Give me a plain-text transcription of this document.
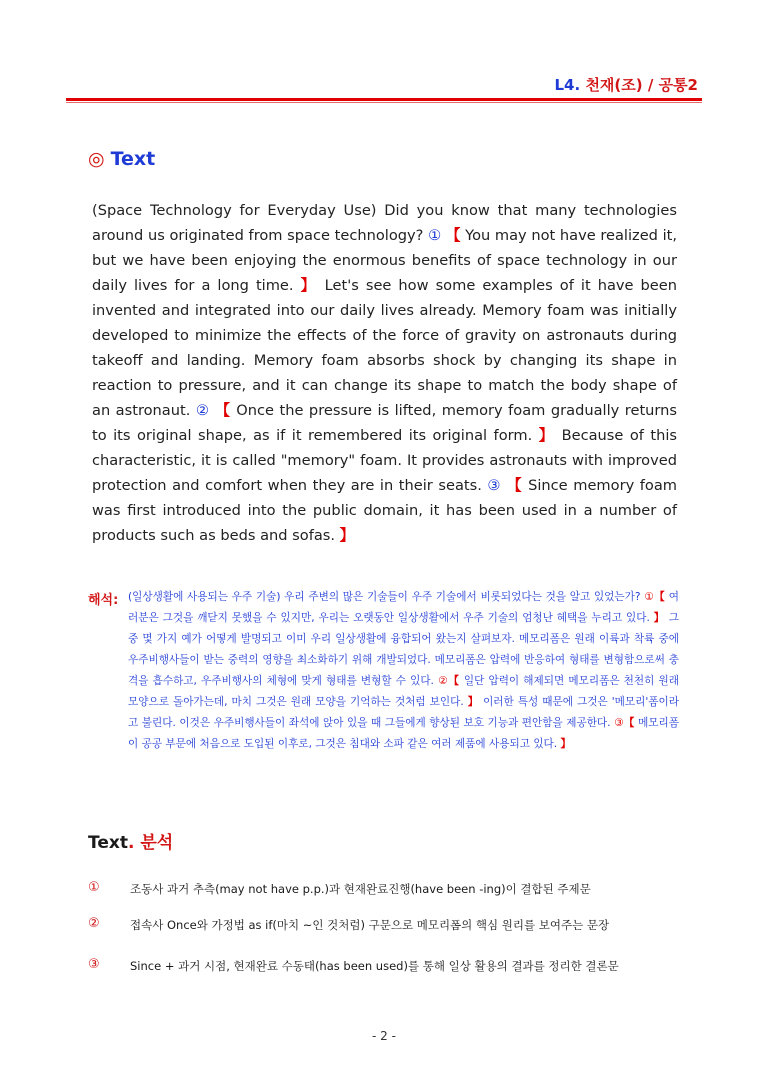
L4. 천재(조) / 공통2
◎ Text
(Space Technology for Everyday Use) Did you know that many technologies around us originated from space technology? ① 【 You may not have realized it, but we have been enjoying the enormous benefits of space technology in our daily lives for a long time. 】 Let's see how some examples of it have been invented and integrated into our daily lives already. Memory foam was initially developed to minimize the effects of the force of gravity on astronauts during takeoff and landing. Memory foam absorbs shock by changing its shape in reaction to pressure, and it can change its shape to match the body shape of an astronaut. ② 【 Once the pressure is lifted, memory foam gradually returns to its original shape, as if it remembered its original form. 】 Because of this characteristic, it is called "memory" foam. It provides astronauts with improved protection and comfort when they are in their seats. ③ 【 Since memory foam was first introduced into the public domain, it has been used in a number of products such as beds and sofas. 】
해석: (일상생활에 사용되는 우주 기술) 우리 주변의 많은 기술들이 우주 기술에서 비롯되었다는 것을 알고 있었는가? ①【 여러분은 그것을 깨닫지 못했을 수 있지만, 우리는 오랫동안 일상생활에서 우주 기술의 엄청난 혜택을 누리고 있다. 】 그 중 몇 가지 예가 어떻게 발명되고 이미 우리 일상생활에 융합되어 왔는지 살펴보자. 메모리폼은 원래 이륙과 착륙 중에 우주비행사들이 받는 중력의 영향을 최소화하기 위해 개발되었다. 메모리폼은 압력에 반응하여 형태를 변형함으로써 충격을 흡수하고, 우주비행사의 체형에 맞게 형태를 변형할 수 있다. ②【 일단 압력이 해제되면 메모리폼은 천천히 원래 모양으로 돌아가는데, 마치 그것은 원래 모양을 기억하는 것처럼 보인다. 】 이러한 특성 때문에 그것은 '메모리'폼이라고 불린다. 이것은 우주비행사들이 좌석에 앉아 있을 때 그들에게 향상된 보호 기능과 편안함을 제공한다. ③【 메모리폼이 공공 부문에 처음으로 도입된 이후로, 그것은 침대와 소파 같은 여러 제품에 사용되고 있다. 】
Text. 분석
①	조동사 과거 추측(may not have p.p.)과 현재완료진행(have been -ing)이 결합된 주제문
②	접속사 Once와 가정법 as if(마치 ~인 것처럼) 구문으로 메모리폼의 핵심 원리를 보여주는 문장
③	Since + 과거 시점, 현재완료 수동태(has been used)를 통해 일상 활용의 결과를 정리한 결론문
- 2 -
